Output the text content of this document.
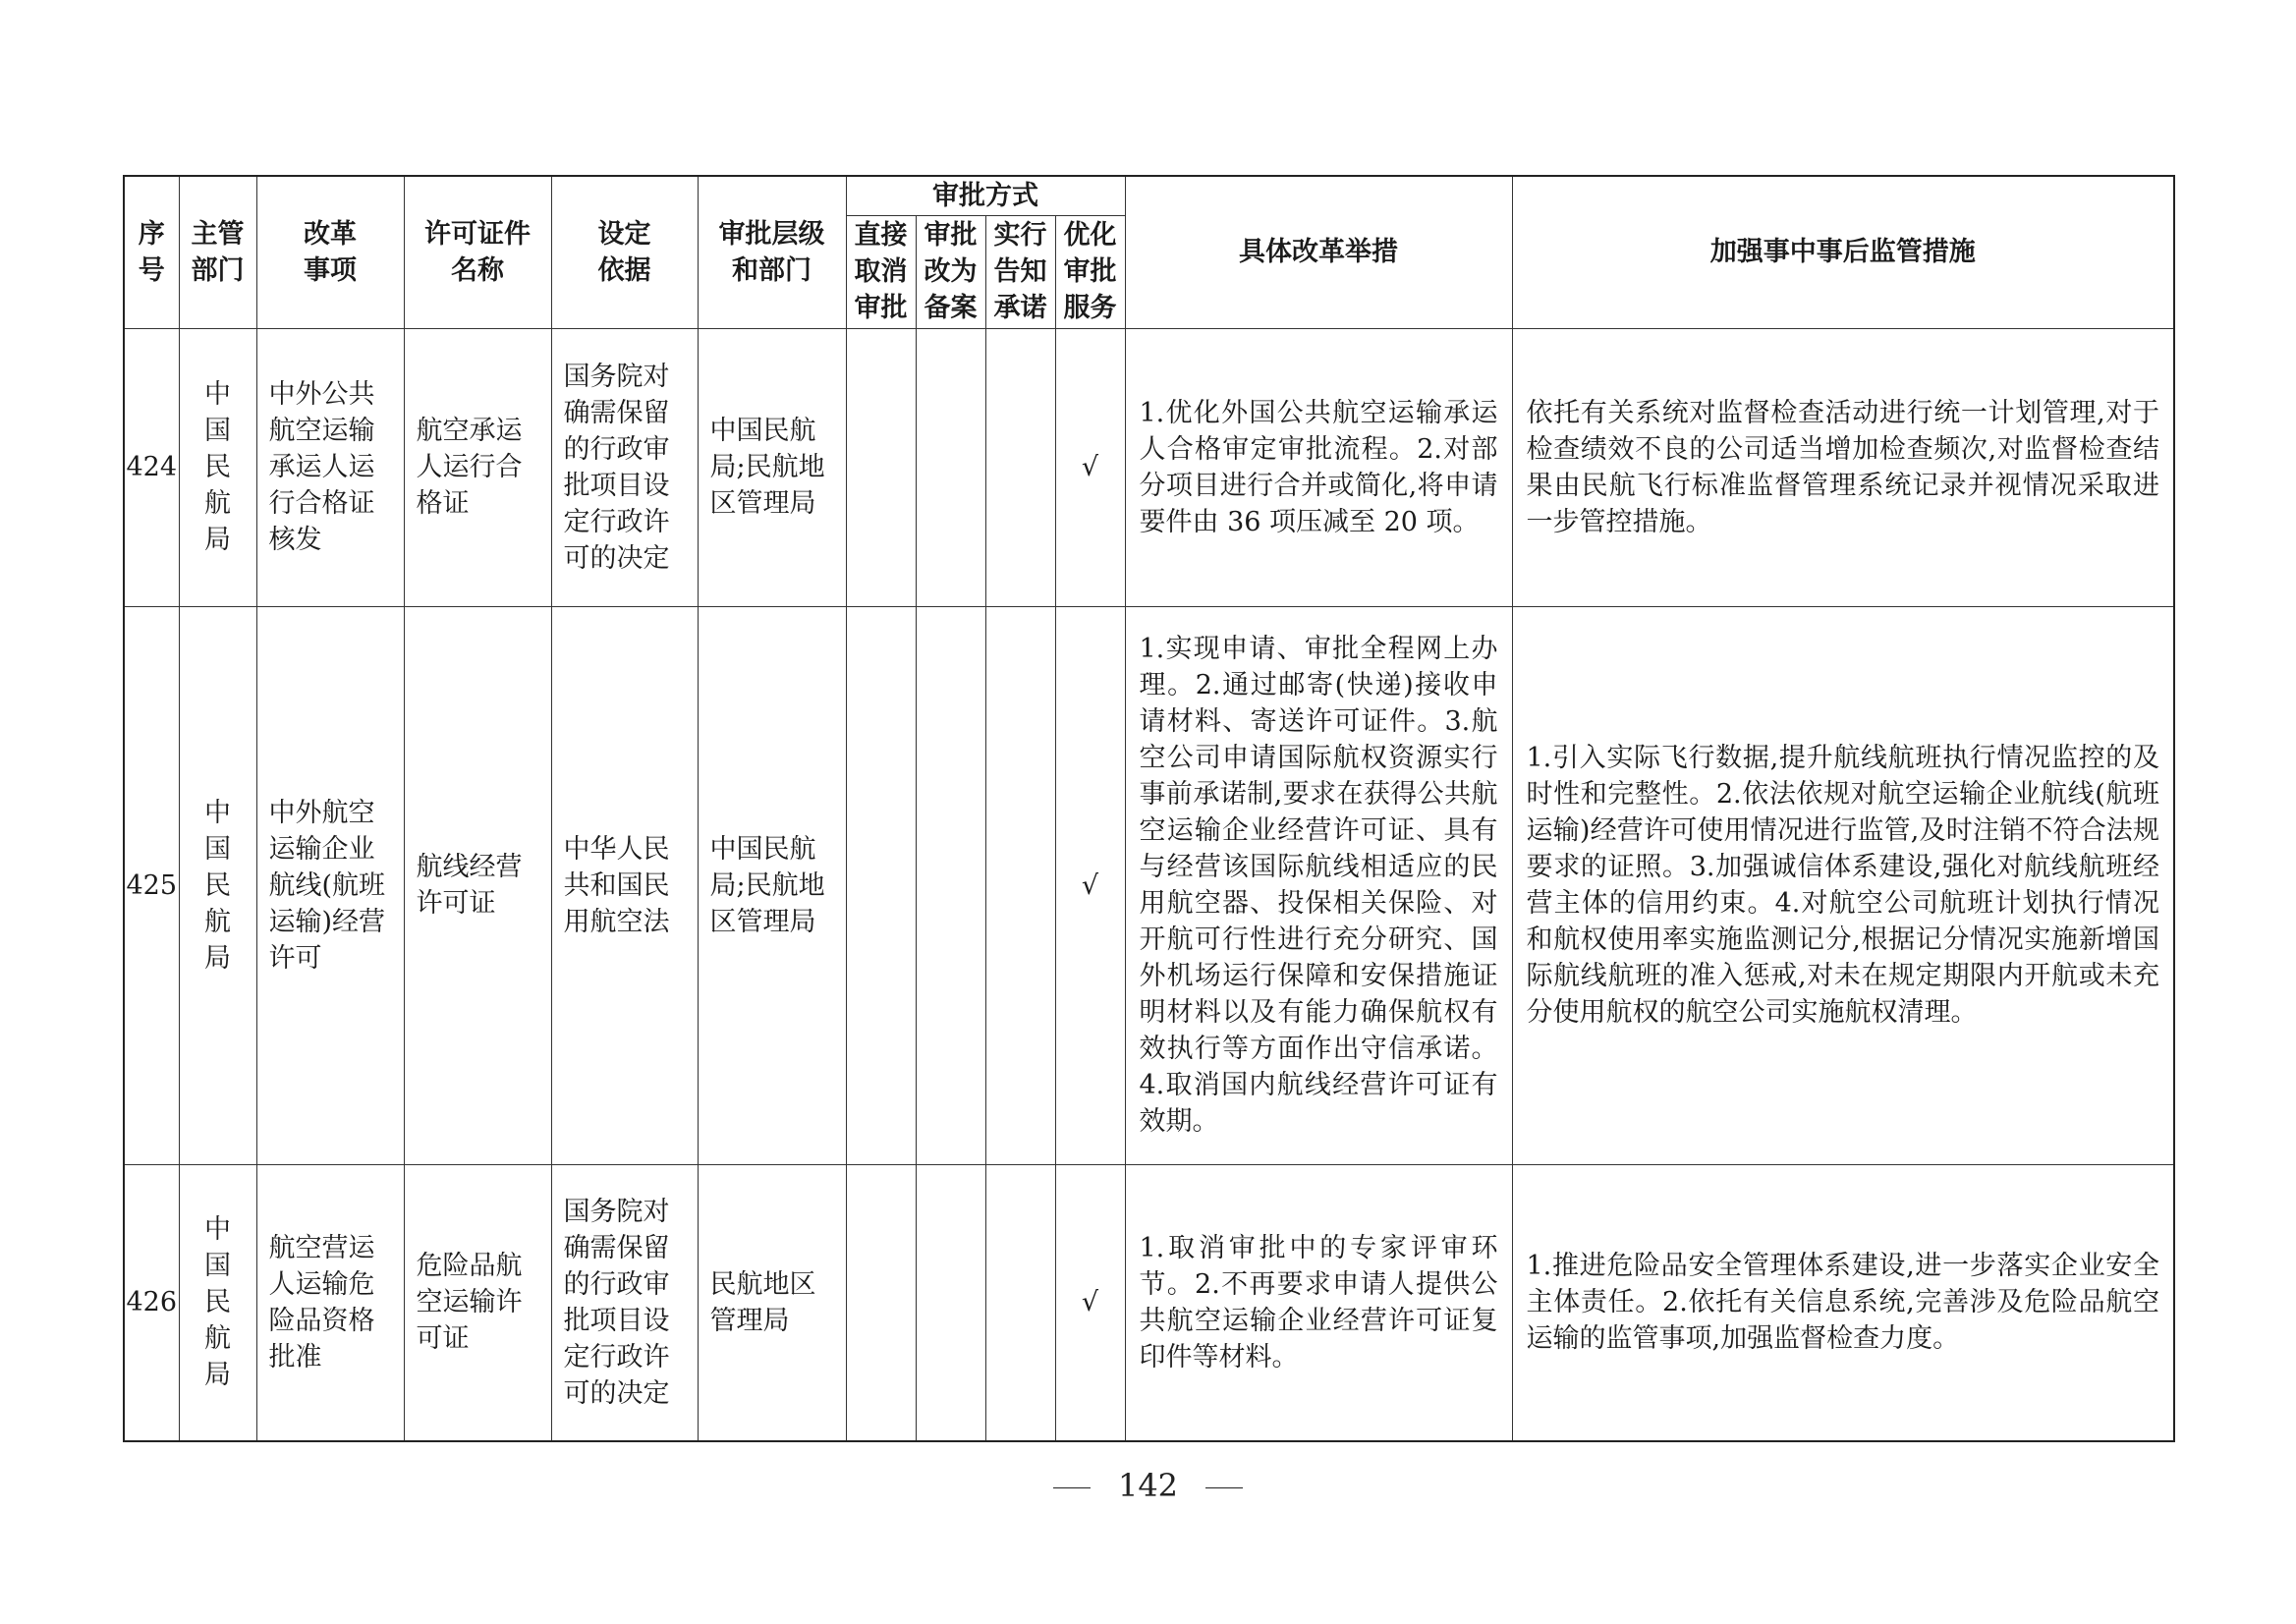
序号	主管部门	改革事项	许可证件名称	设定依据	审批层级和部门	审批方式				具体改革举措	加强事中事后监管措施

						直接取消审批	审批改为备案	实行告知承诺	优化审批服务		

424	中国民航局	中外公共航空运输承运人运行合格证核发	航空承运人运行合格证	国务院对确需保留的行政审批项目设定行政许可的决定	中国民航局;民航地区管理局				√	1.优化外国公共航空运输承运人合格审定审批流程。2.对部分项目进行合并或简化,将申请要件由 36 项压减至 20 项。	依托有关系统对监督检查活动进行统一计划管理,对于检查绩效不良的公司适当增加检查频次,对监督检查结果由民航飞行标准监督管理系统记录并视情况采取进一步管控措施。

425	中国民航局	中外航空运输企业航线(航班运输)经营许可	航线经营许可证	中华人民共和国民用航空法	中国民航局;民航地区管理局				√	1.实现申请、审批全程网上办理。2.通过邮寄(快递)接收申请材料、寄送许可证件。3.航空公司申请国际航权资源实行事前承诺制,要求在获得公共航空运输企业经营许可证、具有与经营该国际航线相适应的民用航空器、投保相关保险、对开航可行性进行充分研究、国外机场运行保障和安保措施证明材料以及有能力确保航权有效执行等方面作出守信承诺。4.取消国内航线经营许可证有效期。	1.引入实际飞行数据,提升航线航班执行情况监控的及时性和完整性。2.依法依规对航空运输企业航线(航班运输)经营许可使用情况进行监管,及时注销不符合法规要求的证照。3.加强诚信体系建设,强化对航线航班经营主体的信用约束。4.对航空公司航班计划执行情况和航权使用率实施监测记分,根据记分情况实施新增国际航线航班的准入惩戒,对未在规定期限内开航或未充分使用航权的航空公司实施航权清理。

426	中国民航局	航空营运人运输危险品资格批准	危险品航空运输许可证	国务院对确需保留的行政审批项目设定行政许可的决定	民航地区管理局				√	1.取消审批中的专家评审环节。2.不再要求申请人提供公共航空运输企业经营许可证复印件等材料。	1.推进危险品安全管理体系建设,进一步落实企业安全主体责任。2.依托有关信息系统,完善涉及危险品航空运输的监管事项,加强监督检查力度。
142
